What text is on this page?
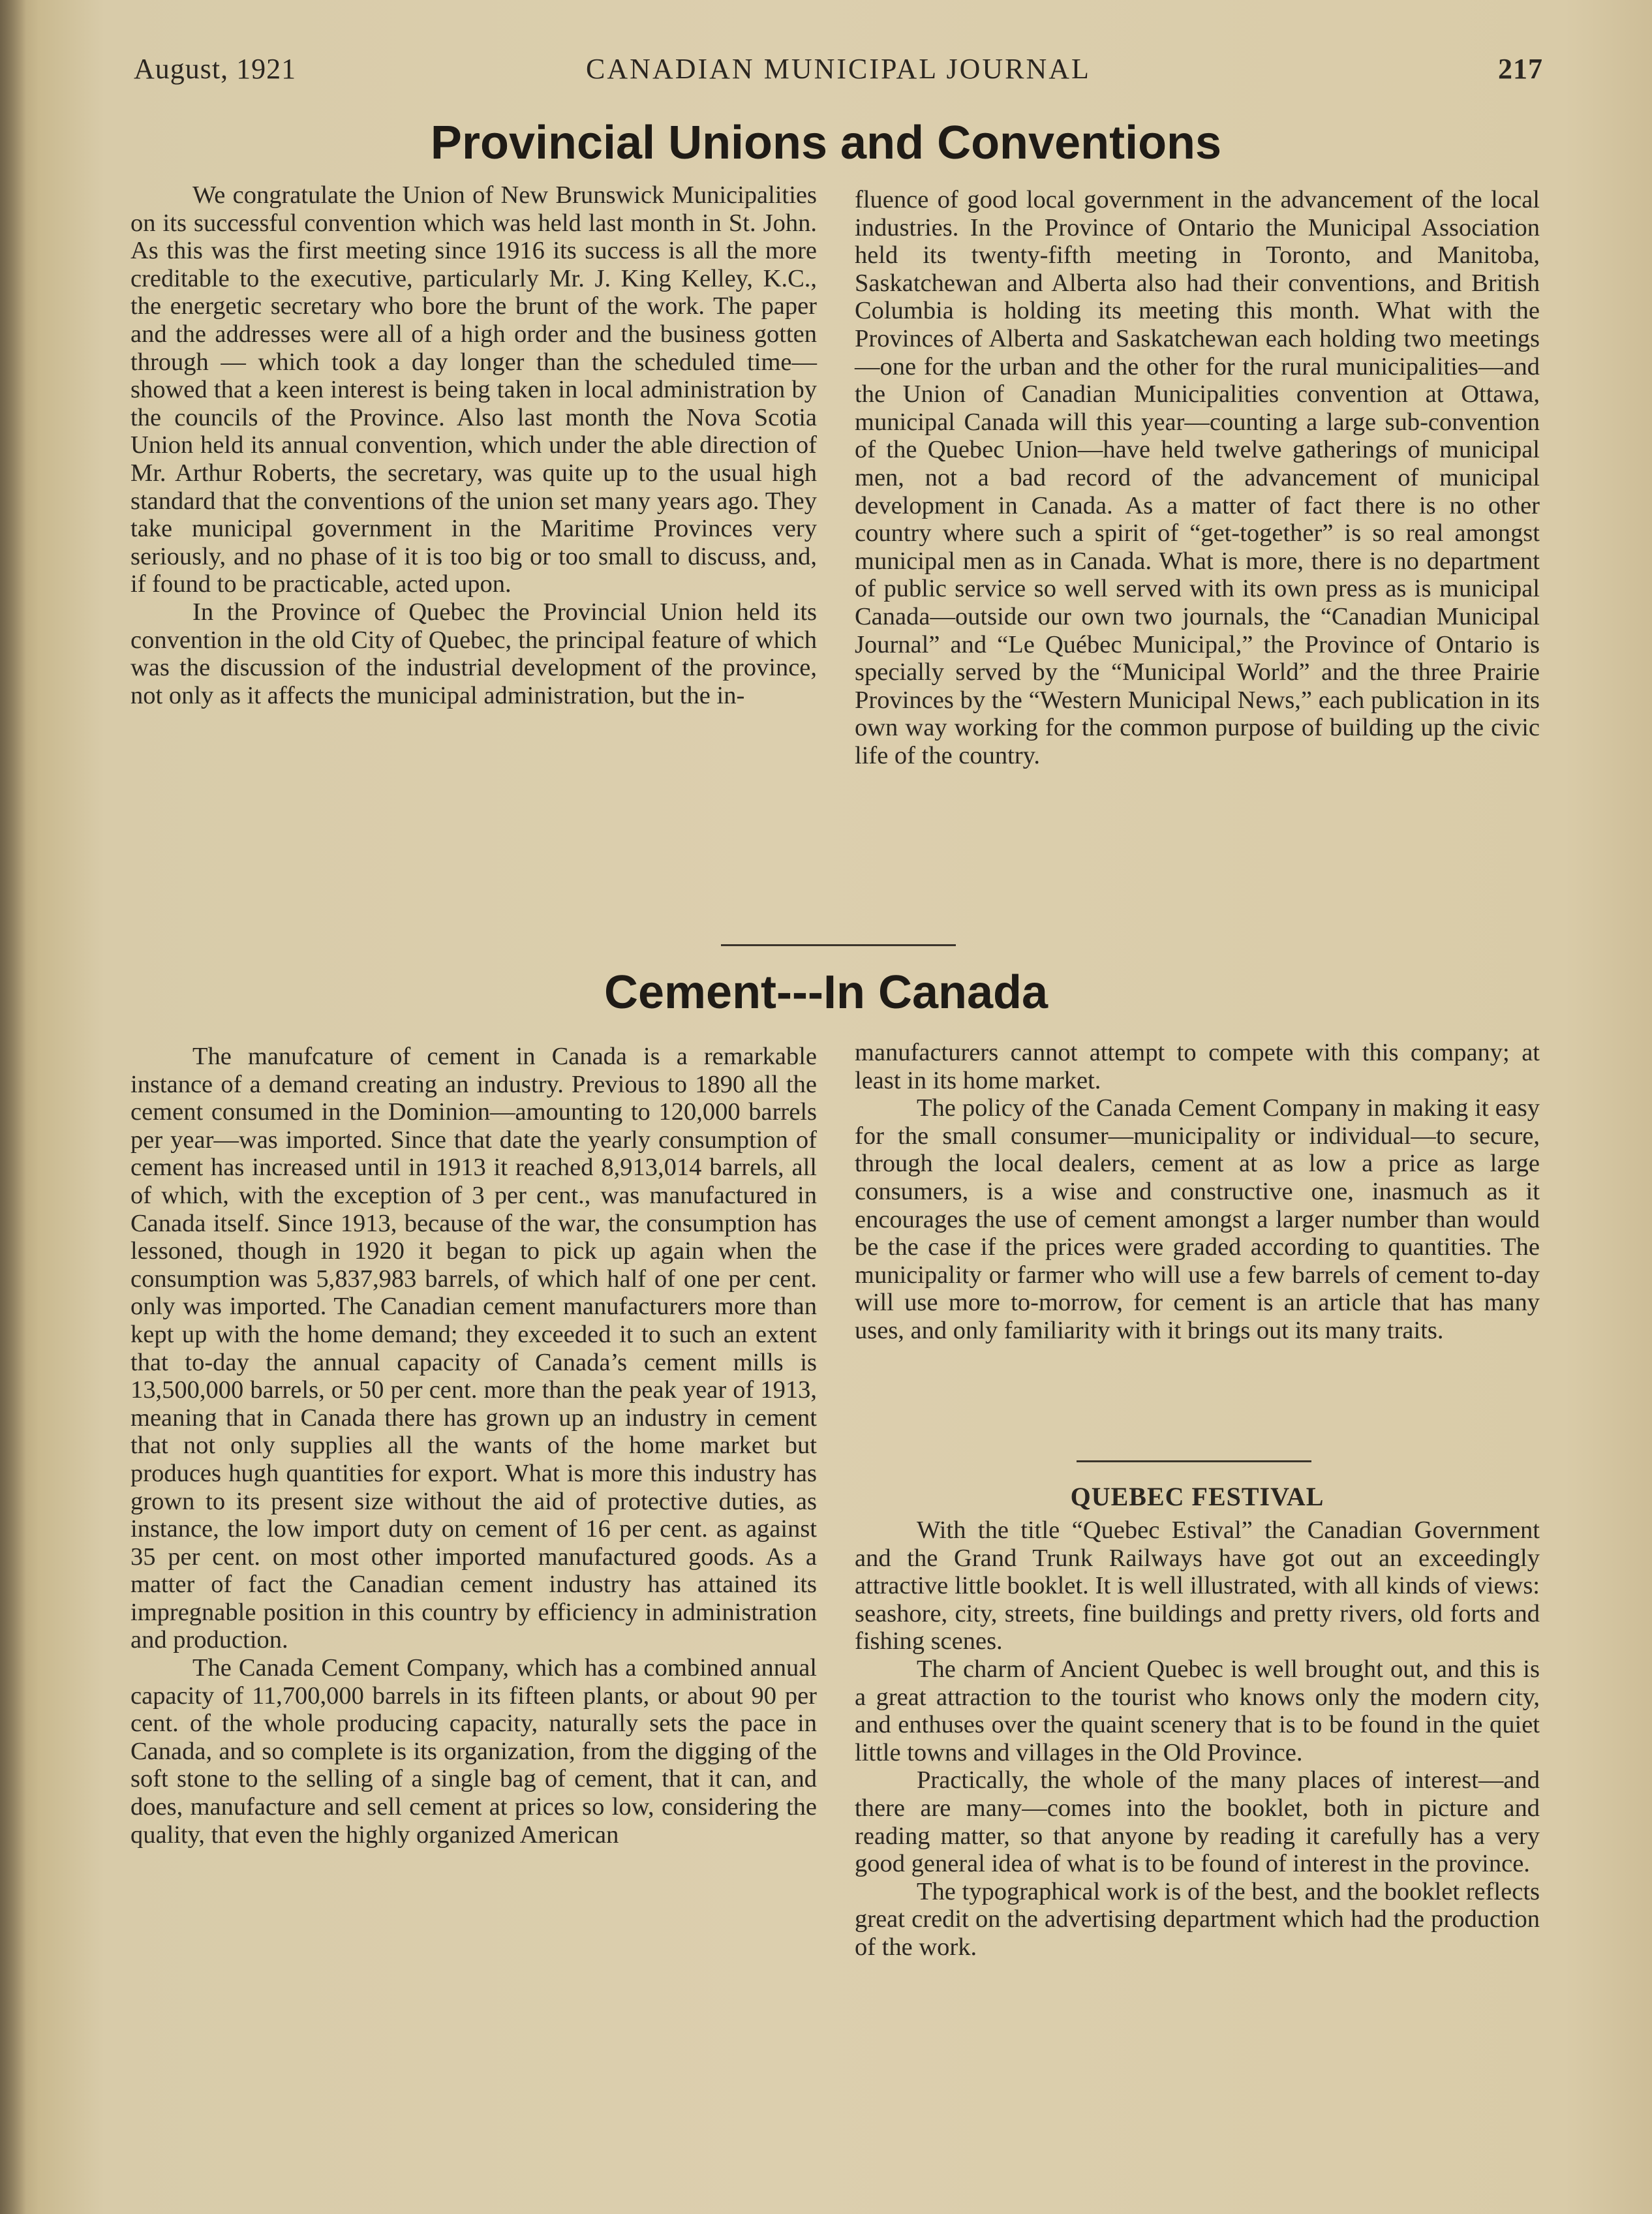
CANADIAN MUNICIPAL JOURNAL
August, 1921	217
Provincial Unions and Conventions

We congratulate the Union of New Brunswick Municipalities on its successful convention which was held last month in St. John. As this was the first meeting since 1916 its success is all the more creditable to the executive, particularly Mr. J. King Kelley, K.C., the energetic secretary who bore the brunt of the work. The paper and the addresses were all of a high order and the business gotten through — which took a day longer than the scheduled time—showed that a keen interest is being taken in local administration by the councils of the Province. Also last month the Nova Scotia Union held its annual convention, which under the able direction of Mr. Arthur Roberts, the secretary, was quite up to the usual high standard that the conventions of the union set many years ago. They take municipal government in the Maritime Provinces very seriously, and no phase of it is too big or too small to discuss, and, if found to be practicable, acted upon.

In the Province of Quebec the Provincial Union held its convention in the old City of Quebec, the principal feature of which was the discussion of the industrial development of the province, not only as it affects the municipal administration, but the in-

fluence of good local government in the advancement of the local industries. In the Province of Ontario the Municipal Association held its twenty-fifth meeting in Toronto, and Manitoba, Saskatchewan and Alberta also had their conventions, and British Columbia is holding its meeting this month. What with the Provinces of Alberta and Saskatchewan each holding two meetings—one for the urban and the other for the rural municipalities—and the Union of Canadian Municipalities convention at Ottawa, municipal Canada will this year—counting a large sub-convention of the Quebec Union—have held twelve gatherings of municipal men, not a bad record of the advancement of municipal development in Canada. As a matter of fact there is no other country where such a spirit of “get-together” is so real amongst municipal men as in Canada. What is more, there is no department of public service so well served with its own press as is municipal Canada—outside our own two journals, the “Canadian Municipal Journal” and “Le Québec Municipal,” the Province of Ontario is specially served by the “Municipal World” and the three Prairie Provinces by the “Western Municipal News,” each publication in its own way working for the common purpose of building up the civic life of the country.

Cement---In Canada

The manufcature of cement in Canada is a remarkable instance of a demand creating an industry. Previous to 1890 all the cement consumed in the Dominion—amounting to 120,000 barrels per year—was imported. Since that date the yearly consumption of cement has increased until in 1913 it reached 8,913,014 barrels, all of which, with the exception of 3 per cent., was manufactured in Canada itself. Since 1913, because of the war, the consumption has lessoned, though in 1920 it began to pick up again when the consumption was 5,837,983 barrels, of which half of one per cent. only was imported. The Canadian cement manufacturers more than kept up with the home demand; they exceeded it to such an extent that to-day the annual capacity of Canada’s cement mills is 13,500,000 barrels, or 50 per cent. more than the peak year of 1913, meaning that in Canada there has grown up an industry in cement that not only supplies all the wants of the home market but produces hugh quantities for export. What is more this industry has grown to its present size without the aid of protective duties, as instance, the low import duty on cement of 16 per cent. as against 35 per cent. on most other imported manufactured goods. As a matter of fact the Canadian cement industry has attained its impregnable position in this country by efficiency in administration and production.

The Canada Cement Company, which has a combined annual capacity of 11,700,000 barrels in its fifteen plants, or about 90 per cent. of the whole producing capacity, naturally sets the pace in Canada, and so complete is its organization, from the digging of the soft stone to the selling of a single bag of cement, that it can, and does, manufacture and sell cement at prices so low, considering the quality, that even the highly organized American

manufacturers cannot attempt to compete with this company; at least in its home market.

The policy of the Canada Cement Company in making it easy for the small consumer—municipality or individual—to secure, through the local dealers, cement at as low a price as large consumers, is a wise and constructive one, inasmuch as it encourages the use of cement amongst a larger number than would be the case if the prices were graded according to quantities. The municipality or farmer who will use a few barrels of cement to-day will use more to-morrow, for cement is an article that has many uses, and only familiarity with it brings out its many traits.

QUEBEC FESTIVAL

With the title “Quebec Estival” the Canadian Government and the Grand Trunk Railways have got out an exceedingly attractive little booklet. It is well illustrated, with all kinds of views: seashore, city, streets, fine buildings and pretty rivers, old forts and fishing scenes.

The charm of Ancient Quebec is well brought out, and this is a great attraction to the tourist who knows only the modern city, and enthuses over the quaint scenery that is to be found in the quiet little towns and villages in the Old Province.

Practically, the whole of the many places of interest—and there are many—comes into the booklet, both in picture and reading matter, so that anyone by reading it carefully has a very good general idea of what is to be found of interest in the province.

The typographical work is of the best, and the booklet reflects great credit on the advertising department which had the production of the work.
